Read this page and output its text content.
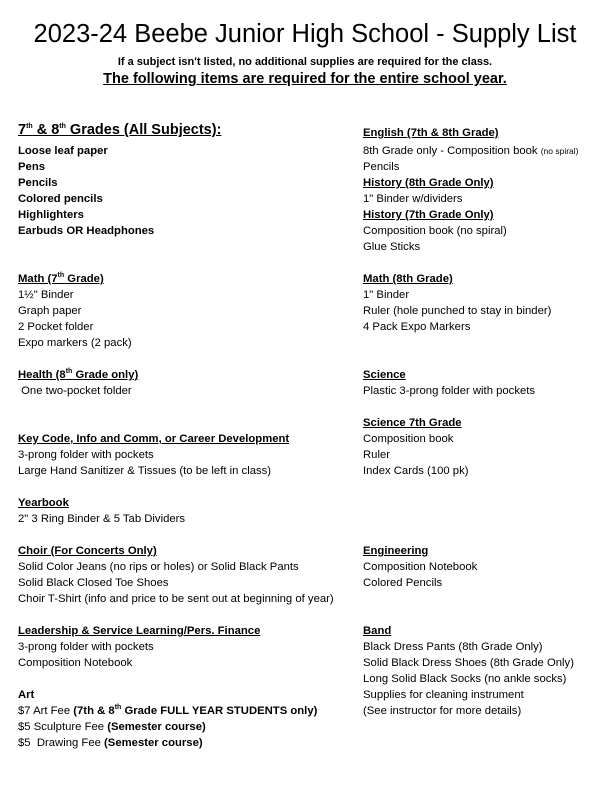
2023-24 Beebe Junior High School - Supply List
If a subject isn't listed, no additional supplies are required for the class.
The following items are required for the entire school year.
7th & 8th Grades (All Subjects):
Loose leaf paper
Pens
Pencils
Colored pencils
Highlighters
Earbuds OR Headphones
Math (7th Grade)
1½" Binder
Graph paper
2 Pocket folder
Expo markers (2 pack)
Health (8th Grade only)
One two-pocket folder
Key Code, Info and Comm, or Career Development
3-prong folder with pockets
Large Hand Sanitizer & Tissues (to be left in class)
Yearbook
2" 3 Ring Binder & 5 Tab Dividers
Choir (For Concerts Only)
Solid Color Jeans (no rips or holes) or Solid Black Pants
Solid Black Closed Toe Shoes
Choir T-Shirt (info and price to be sent out at beginning of year)
Leadership & Service Learning/Pers. Finance
3-prong folder with pockets
Composition Notebook
Art
$7 Art Fee (7th & 8th Grade FULL YEAR STUDENTS only)
$5 Sculpture Fee (Semester course)
$5  Drawing Fee (Semester course)
English (7th & 8th Grade)
8th Grade only - Composition book (no spiral)
Pencils
History (8th Grade Only)
1" Binder w/dividers
History (7th Grade Only)
Composition book (no spiral)
Glue Sticks
Math (8th Grade)
1" Binder
Ruler (hole punched to stay in binder)
4 Pack Expo Markers
Science
Plastic 3-prong folder with pockets
Science 7th Grade
Composition book
Ruler
Index Cards (100 pk)
Engineering
Composition Notebook
Colored Pencils
Band
Black Dress Pants (8th Grade Only)
Solid Black Dress Shoes (8th Grade Only)
Long Solid Black Socks (no ankle socks)
Supplies for cleaning instrument
(See instructor for more details)
